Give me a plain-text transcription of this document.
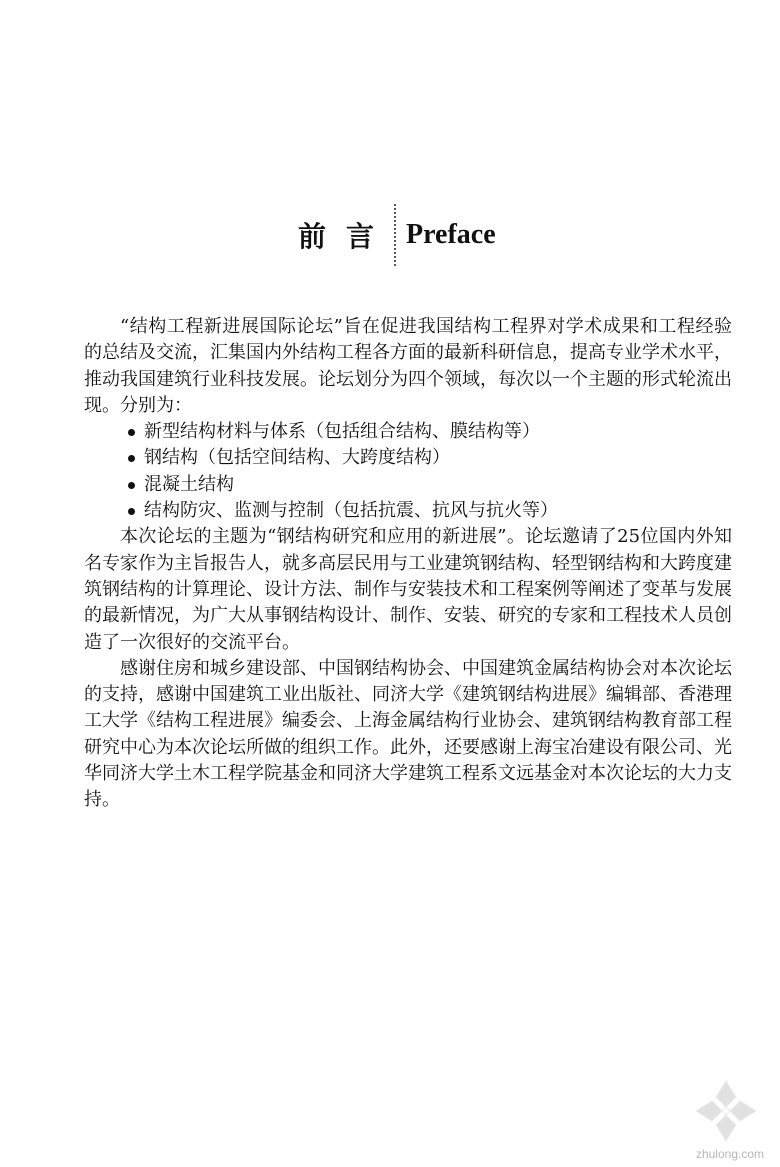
前言 Preface

“结构工程新进展国际论坛”旨在促进我国结构工程界对学术成果和工程经验的总结及交流，汇集国内外结构工程各方面的最新科研信息，提高专业学术水平，推动我国建筑行业科技发展。论坛划分为四个领域，每次以一个主题的形式轮流出现。分别为：

新型结构材料与体系（包括组合结构、膜结构等）
钢结构（包括空间结构、大跨度结构）
混凝土结构
结构防灾、监测与控制（包括抗震、抗风与抗火等）

本次论坛的主题为“钢结构研究和应用的新进展”。论坛邀请了25位国内外知名专家作为主旨报告人，就多高层民用与工业建筑钢结构、轻型钢结构和大跨度建筑钢结构的计算理论、设计方法、制作与安装技术和工程案例等阐述了变革与发展的最新情况，为广大从事钢结构设计、制作、安装、研究的专家和工程技术人员创造了一次很好的交流平台。

感谢住房和城乡建设部、中国钢结构协会、中国建筑金属结构协会对本次论坛的支持，感谢中国建筑工业出版社、同济大学《建筑钢结构进展》编辑部、香港理工大学《结构工程进展》编委会、上海金属结构行业协会、建筑钢结构教育部工程研究中心为本次论坛所做的组织工作。此外，还要感谢上海宝冶建设有限公司、光华同济大学土木工程学院基金和同济大学建筑工程系文远基金对本次论坛的大力支持。

zhulong.com
